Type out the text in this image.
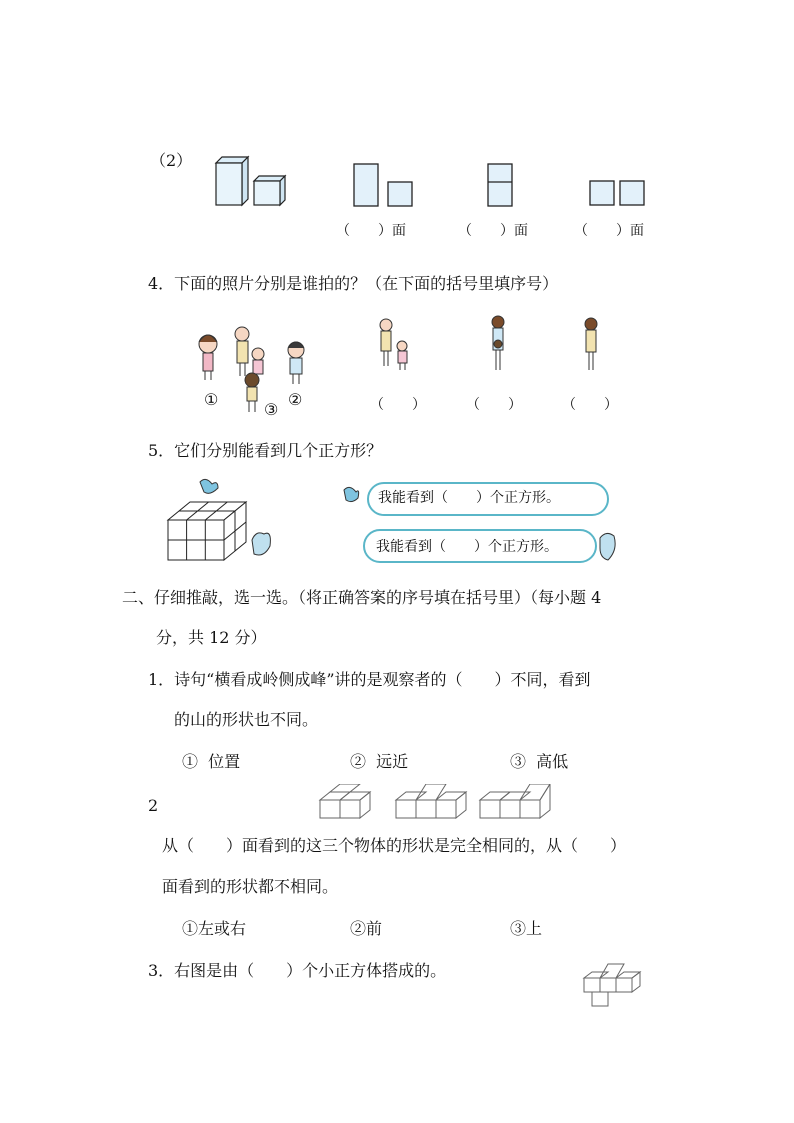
（2）
（　　）面	（　　）面	（　　）面
4．下面的照片分别是谁拍的？（在下面的括号里填序号）
①
③
②	（　　）	（　　）	（　　）
5．它们分别能看到几个正方形？
我能看到（　　）个正方形。
我能看到（　　）个正方形。
二、仔细推敲，选一选。（将正确答案的序号填在括号里）（每小题 4
分，共 12 分）
1．诗句“横看成岭侧成峰”讲的是观察者的（　　）不同，看到
的山的形状也不同。
①  位置	②  远近	③  高低
2
从（　　）面看到的这三个物体的形状是完全相同的，从（　　）
面看到的形状都不相同。
①左或右	②前	③上
3．右图是由（　　）个小正方体搭成的。
